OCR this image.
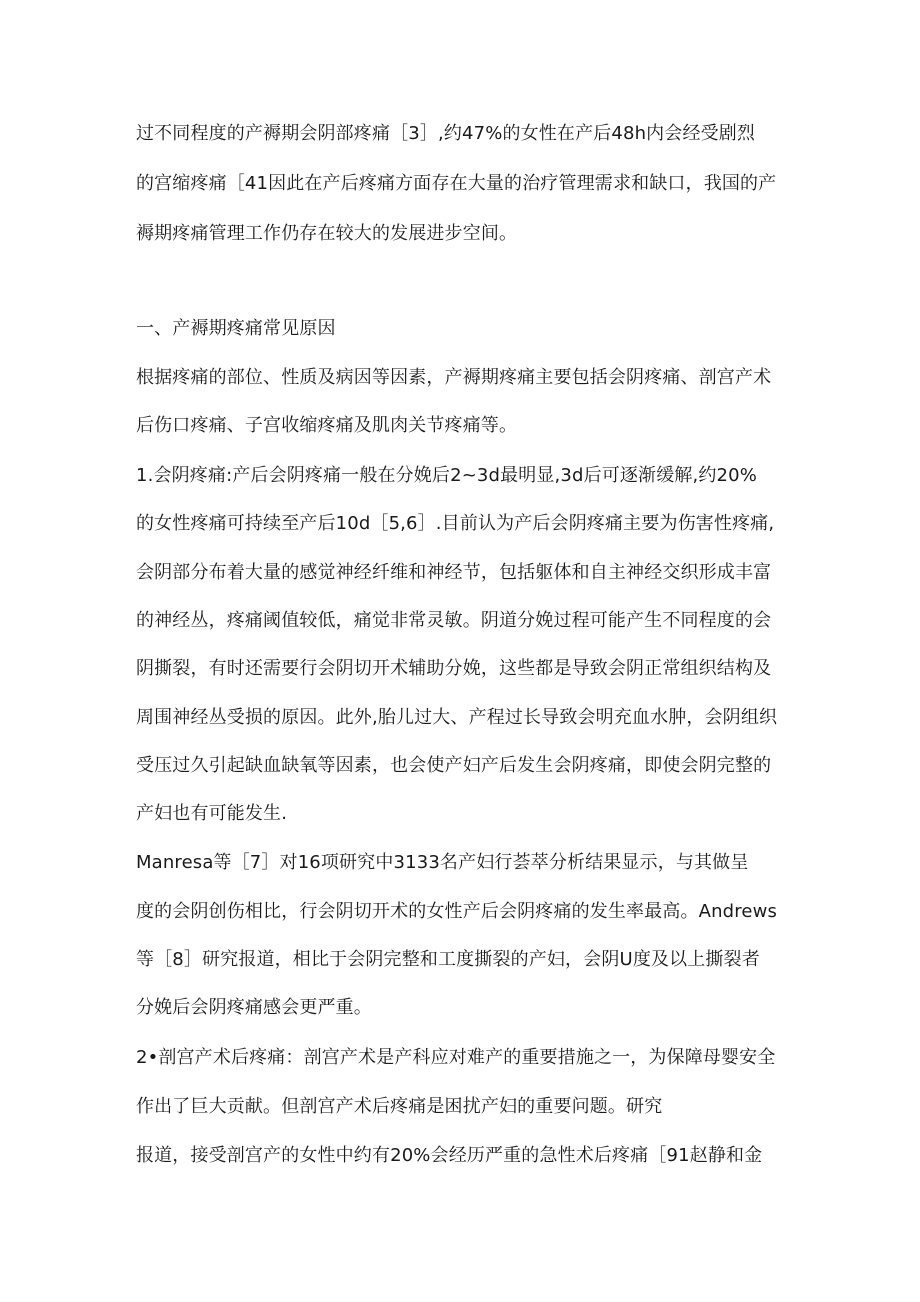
过不同程度的产褥期会阴部疼痛［3］,约47%的女性在产后48h内会经受剧烈
的宫缩疼痛［41因此在产后疼痛方面存在大量的治疗管理需求和缺口，我国的产
褥期疼痛管理工作仍存在较大的发展进步空间。
一、产褥期疼痛常见原因
根据疼痛的部位、性质及病因等因素，产褥期疼痛主要包括会阴疼痛、剖宫产术
后伤口疼痛、子宫收缩疼痛及肌肉关节疼痛等。
1.会阴疼痛:产后会阴疼痛一般在分娩后2~3d最明显,3d后可逐渐缓解,约20%
的女性疼痛可持续至产后10d［5,6］.目前认为产后会阴疼痛主要为伤害性疼痛,
会阴部分布着大量的感觉神经纤维和神经节，包括躯体和自主神经交织形成丰富
的神经丛，疼痛阈值较低，痛觉非常灵敏。阴道分娩过程可能产生不同程度的会
阴撕裂，有时还需要行会阴切开术辅助分娩，这些都是导致会阴正常组织结构及
周围神经丛受损的原因。此外,胎儿过大、产程过长导致会明充血水肿，会阴组织
受压过久引起缺血缺氧等因素，也会使产妇产后发生会阴疼痛，即使会阴完整的
产妇也有可能发生.
Manresa等［7］对16项研究中3133名产妇行荟萃分析结果显示，与其做呈
度的会阴创伤相比，行会阴切开术的女性产后会阴疼痛的发生率最高。Andrews
等［8］研究报道，相比于会阴完整和工度撕裂的产妇，会阴U度及以上撕裂者
分娩后会阴疼痛感会更严重。
2•剖宫产术后疼痛：剖宫产术是产科应对难产的重要措施之一，为保障母婴安全
作出了巨大贡献。但剖宫产术后疼痛是困扰产妇的重要问题。研究
报道，接受剖宫产的女性中约有20%会经历严重的急性术后疼痛［91赵静和金
